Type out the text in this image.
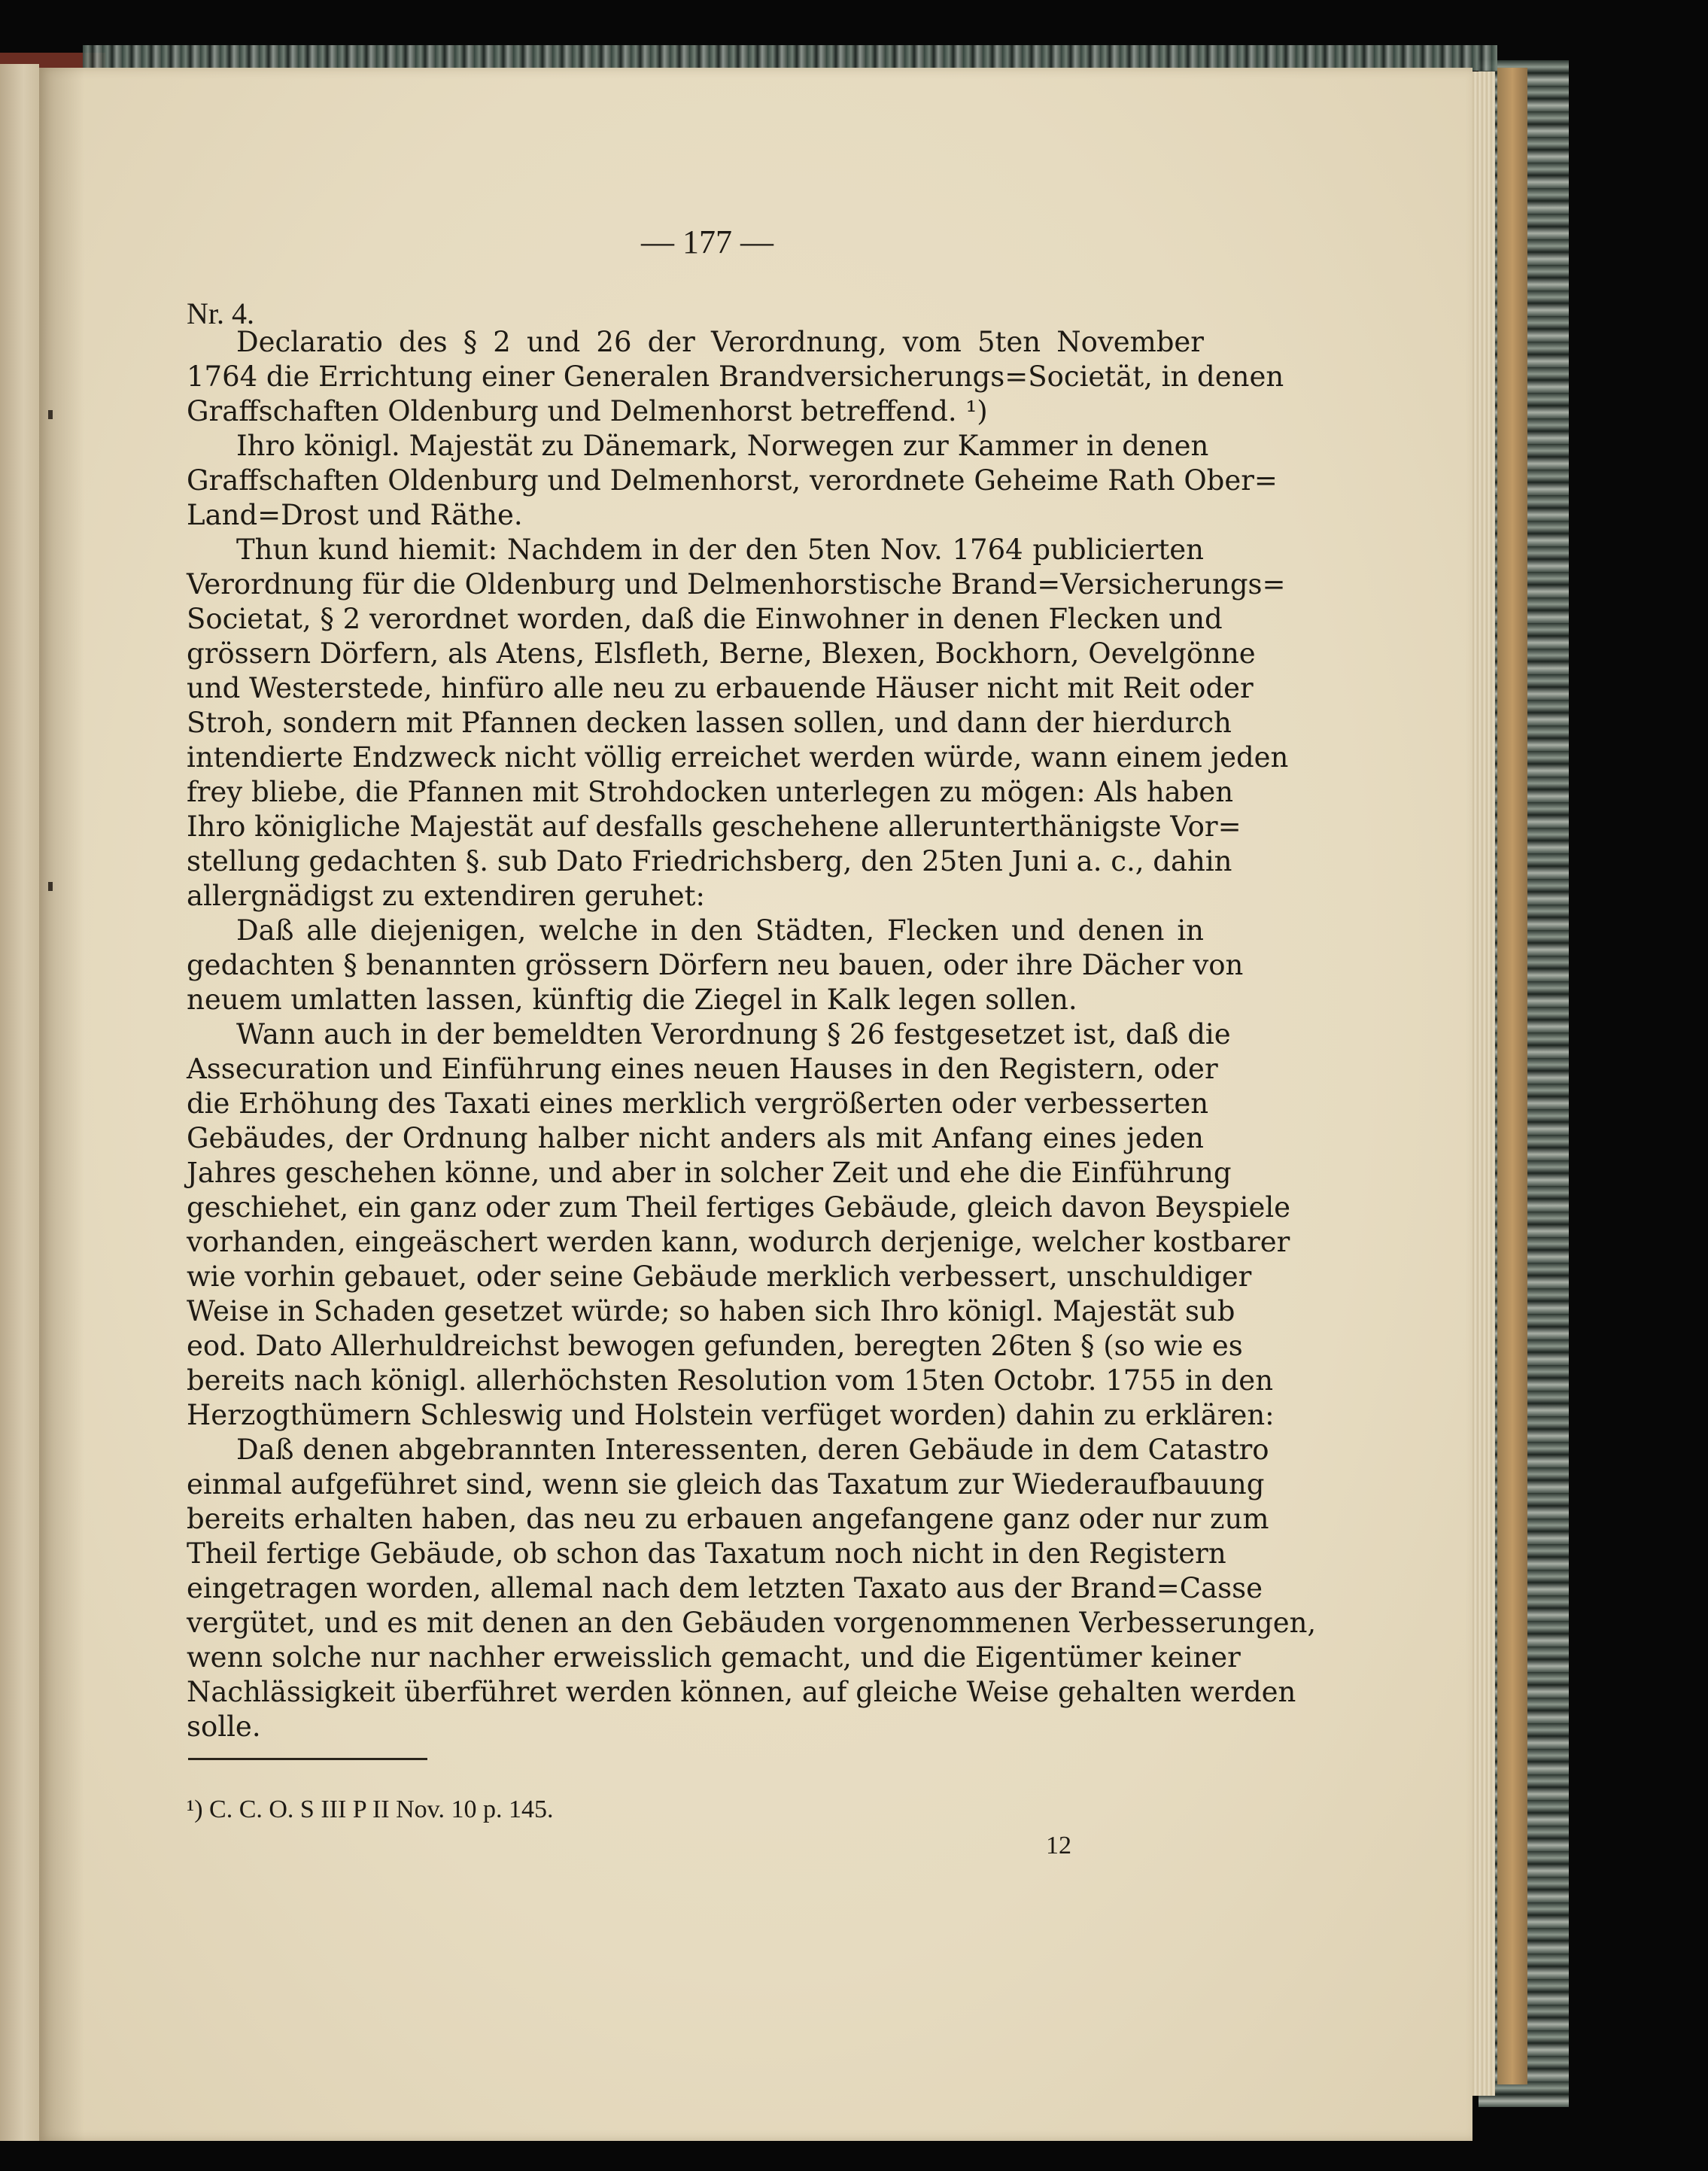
— 177 —
Nr. 4.
Declaratio des § 2 und 26 der Verordnung, vom 5ten November
1764 die Errichtung einer Generalen Brandversicherungs=Societät, in denen
Graffschaften Oldenburg und Delmenhorst betreffend. ¹)
Ihro königl. Majestät zu Dänemark, Norwegen zur Kammer in denen
Graffschaften Oldenburg und Delmenhorst, verordnete Geheime Rath Ober=
Land=Drost und Räthe.
Thun kund hiemit: Nachdem in der den 5ten Nov. 1764 publicierten
Verordnung für die Oldenburg und Delmenhorstische Brand=Versicherungs=
Societat, § 2 verordnet worden, daß die Einwohner in denen Flecken und
grössern Dörfern, als Atens, Elsfleth, Berne, Blexen, Bockhorn, Oevelgönne
und Westerstede, hinfüro alle neu zu erbauende Häuser nicht mit Reit oder
Stroh, sondern mit Pfannen decken lassen sollen, und dann der hierdurch
intendierte Endzweck nicht völlig erreichet werden würde, wann einem jeden
frey bliebe, die Pfannen mit Strohdocken unterlegen zu mögen: Als haben
Ihro königliche Majestät auf desfalls geschehene allerunterthänigste Vor=
stellung gedachten §. sub Dato Friedrichsberg, den 25ten Juni a. c., dahin
allergnädigst zu extendiren geruhet:
Daß alle diejenigen, welche in den Städten, Flecken und denen in
gedachten § benannten grössern Dörfern neu bauen, oder ihre Dächer von
neuem umlatten lassen, künftig die Ziegel in Kalk legen sollen.
Wann auch in der bemeldten Verordnung § 26 festgesetzet ist, daß die
Assecuration und Einführung eines neuen Hauses in den Registern, oder
die Erhöhung des Taxati eines merklich vergrößerten oder verbesserten
Gebäudes, der Ordnung halber nicht anders als mit Anfang eines jeden
Jahres geschehen könne, und aber in solcher Zeit und ehe die Einführung
geschiehet, ein ganz oder zum Theil fertiges Gebäude, gleich davon Beyspiele
vorhanden, eingeäschert werden kann, wodurch derjenige, welcher kostbarer
wie vorhin gebauet, oder seine Gebäude merklich verbessert, unschuldiger
Weise in Schaden gesetzet würde; so haben sich Ihro königl. Majestät sub
eod. Dato Allerhuldreichst bewogen gefunden, beregten 26ten § (so wie es
bereits nach königl. allerhöchsten Resolution vom 15ten Octobr. 1755 in den
Herzogthümern Schleswig und Holstein verfüget worden) dahin zu erklären:
Daß denen abgebrannten Interessenten, deren Gebäude in dem Catastro
einmal aufgeführet sind, wenn sie gleich das Taxatum zur Wiederaufbauung
bereits erhalten haben, das neu zu erbauen angefangene ganz oder nur zum
Theil fertige Gebäude, ob schon das Taxatum noch nicht in den Registern
eingetragen worden, allemal nach dem letzten Taxato aus der Brand=Casse
vergütet, und es mit denen an den Gebäuden vorgenommenen Verbesserungen,
wenn solche nur nachher erweisslich gemacht, und die Eigentümer keiner
Nachlässigkeit überführet werden können, auf gleiche Weise gehalten werden
solle.
¹) C. C. O. S III P II Nov. 10 p. 145.
12
